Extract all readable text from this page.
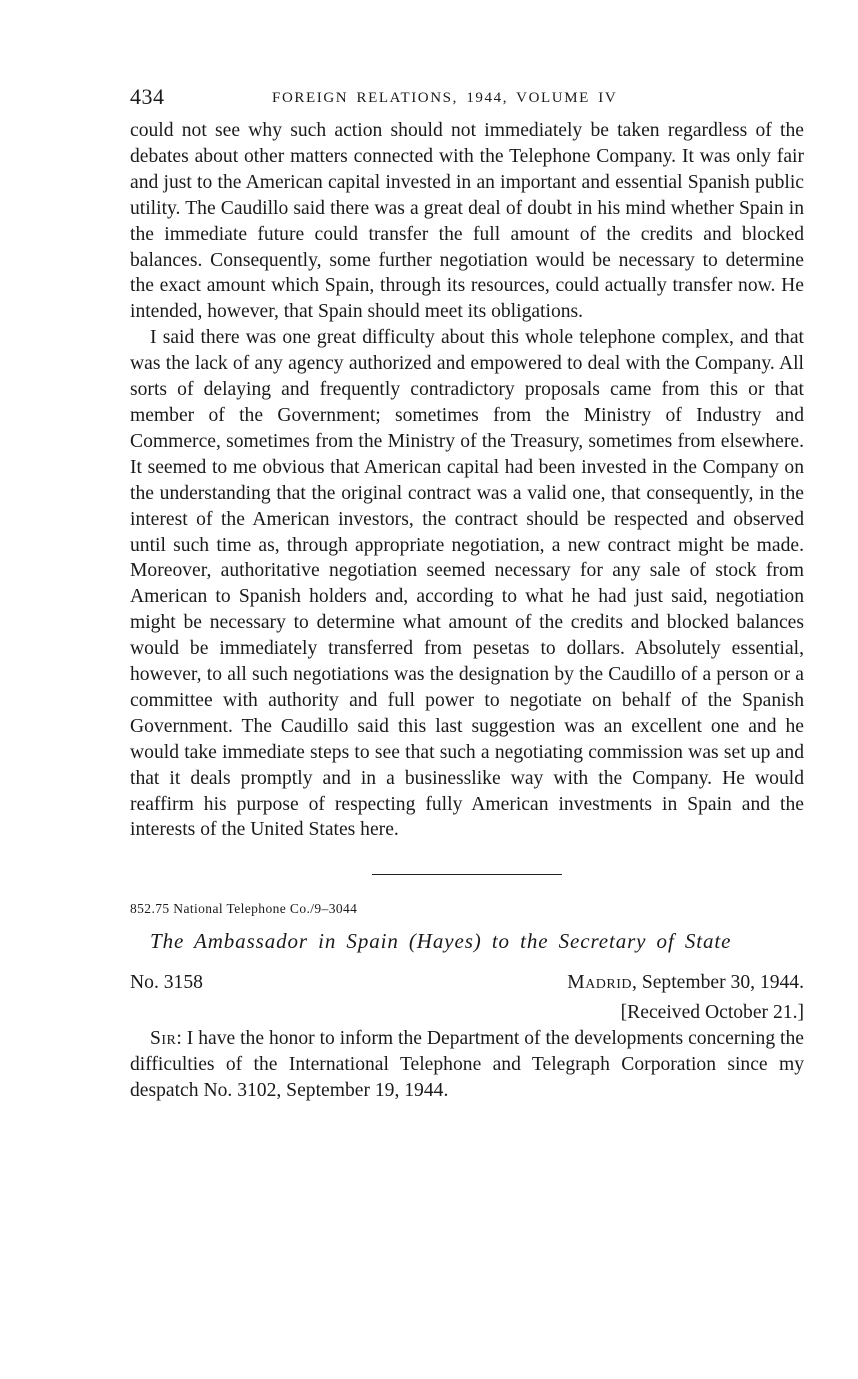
434	FOREIGN RELATIONS, 1944, VOLUME IV

could not see why such action should not immediately be taken regardless of the debates about other matters connected with the Telephone Company. It was only fair and just to the American capital invested in an important and essential Spanish public utility. The Caudillo said there was a great deal of doubt in his mind whether Spain in the immediate future could transfer the full amount of the credits and blocked balances. Consequently, some further negotiation would be necessary to determine the exact amount which Spain, through its resources, could actually transfer now. He intended, however, that Spain should meet its obligations.

I said there was one great difficulty about this whole telephone complex, and that was the lack of any agency authorized and empowered to deal with the Company. All sorts of delaying and frequently contradictory proposals came from this or that member of the Government; sometimes from the Ministry of Industry and Commerce, sometimes from the Ministry of the Treasury, sometimes from elsewhere. It seemed to me obvious that American capital had been invested in the Company on the understanding that the original contract was a valid one, that consequently, in the interest of the American investors, the contract should be respected and observed until such time as, through appropriate negotiation, a new contract might be made. Moreover, authoritative negotiation seemed necessary for any sale of stock from American to Spanish holders and, according to what he had just said, negotiation might be necessary to determine what amount of the credits and blocked balances would be immediately transferred from pesetas to dollars. Absolutely essential, however, to all such negotiations was the designation by the Caudillo of a person or a committee with authority and full power to negotiate on behalf of the Spanish Government. The Caudillo said this last suggestion was an excellent one and he would take immediate steps to see that such a negotiating commission was set up and that it deals promptly and in a businesslike way with the Company. He would reaffirm his purpose of respecting fully American investments in Spain and the interests of the United States here.

852.75 National Telephone Co./9–3044
The Ambassador in Spain (Hayes) to the Secretary of State
No. 3158	Madrid, September 30, 1944.
[Received October 21.]

Sir: I have the honor to inform the Department of the developments concerning the difficulties of the International Telephone and Telegraph Corporation since my despatch No. 3102, September 19, 1944.
